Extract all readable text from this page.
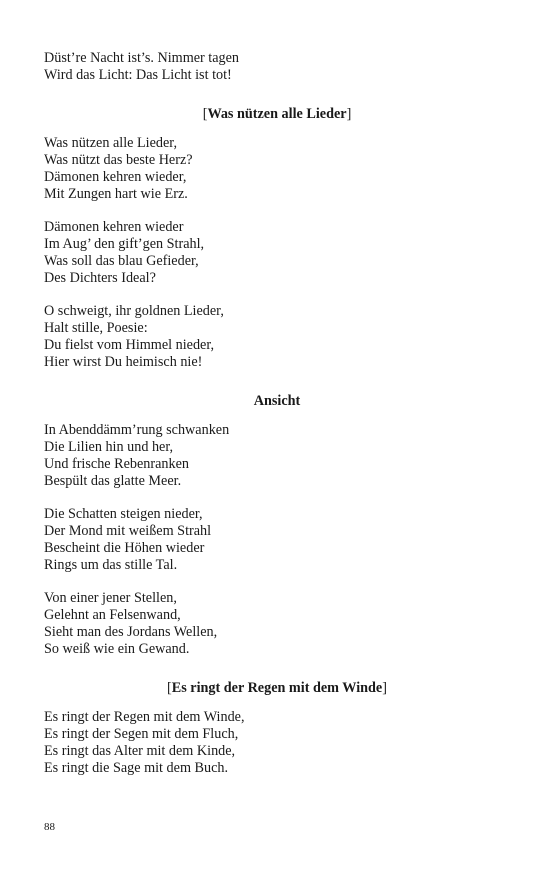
Düst’re Nacht ist’s. Nimmer tagen
Wird das Licht: Das Licht ist tot!
[Was nützen alle Lieder]
Was nützen alle Lieder,
Was nützt das beste Herz?
Dämonen kehren wieder,
Mit Zungen hart wie Erz.
Dämonen kehren wieder
Im Aug’ den gift’gen Strahl,
Was soll das blau Gefieder,
Des Dichters Ideal?
O schweigt, ihr goldnen Lieder,
Halt stille, Poesie:
Du fielst vom Himmel nieder,
Hier wirst Du heimisch nie!
Ansicht
In Abenddämm’rung schwanken
Die Lilien hin und her,
Und frische Rebenranken
Bespült das glatte Meer.
Die Schatten steigen nieder,
Der Mond mit weißem Strahl
Bescheint die Höhen wieder
Rings um das stille Tal.
Von einer jener Stellen,
Gelehnt an Felsenwand,
Sieht man des Jordans Wellen,
So weiß wie ein Gewand.
[Es ringt der Regen mit dem Winde]
Es ringt der Regen mit dem Winde,
Es ringt der Segen mit dem Fluch,
Es ringt das Alter mit dem Kinde,
Es ringt die Sage mit dem Buch.
88
